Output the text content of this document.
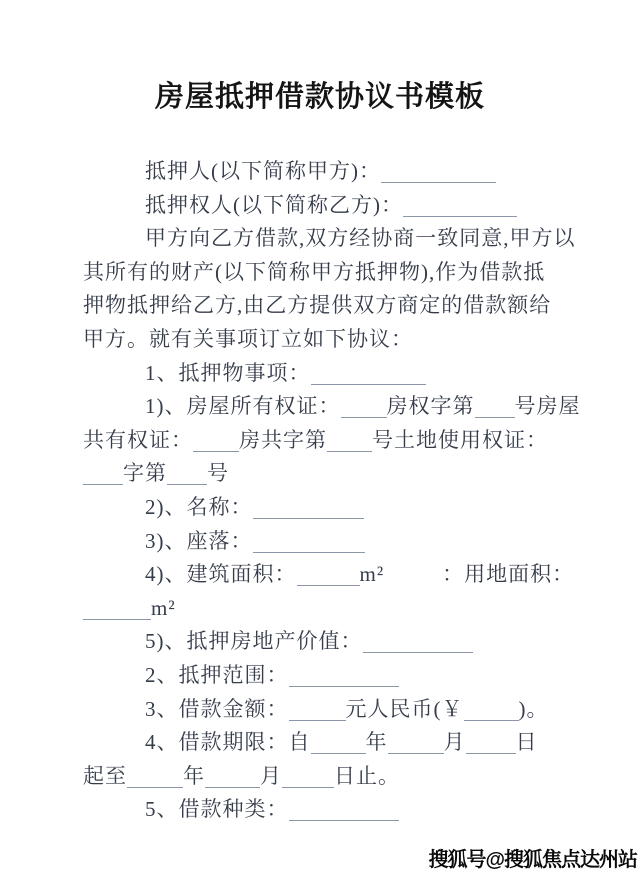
房屋抵押借款协议书模板
抵押人(以下简称甲方)：
抵押权人(以下简称乙方)：
甲方向乙方借款,双方经协商一致同意,甲方以
其所有的财产(以下简称甲方抵押物),作为借款抵
押物抵押给乙方,由乙方提供双方商定的借款额给
甲方。就有关事项订立如下协议：
1、抵押物事项：
1)、房屋所有权证： 房权字第 号房屋
共有权证： 房共字第 号土地使用权证：
字第 号
2)、名称：
3)、座落：
4)、建筑面积：	m²	：用地面积：
m²
5)、抵押房地产价值：
2、抵押范围：
3、借款金额：	元人民币(￥	)。
4、借款期限：自	年	月 日
起至	年	月 日止。
5、借款种类：
搜狐号@搜狐焦点达州站
